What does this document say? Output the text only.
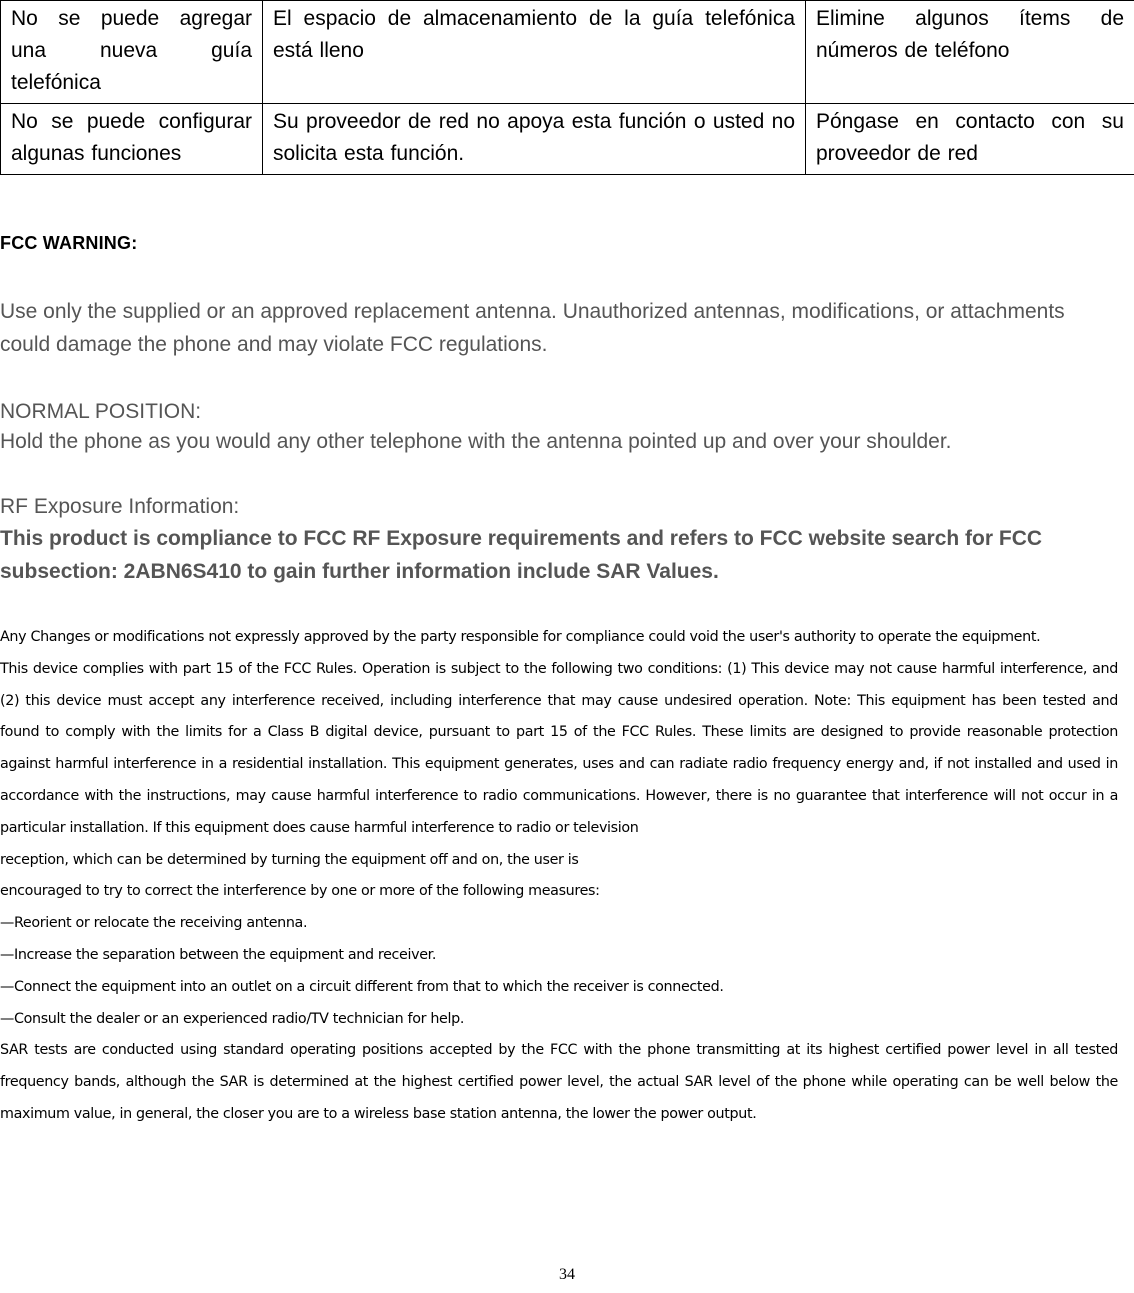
No se puede agregar una nueva guía telefónica	El espacio de almacenamiento de la guía telefónica está lleno	Elimine algunos ítems de números de teléfono
No se puede configurar algunas funciones	Su proveedor de red no apoya esta función o usted no solicita esta función.	Póngase en contacto con su proveedor de red
FCC WARNING:
Use only the supplied or an approved replacement antenna. Unauthorized antennas, modifications, or attachments could damage the phone and may violate FCC regulations.
NORMAL POSITION:
Hold the phone as you would any other telephone with the antenna pointed up and over your shoulder.
RF Exposure Information:
This product is compliance to FCC RF Exposure requirements and refers to FCC website search for FCC subsection: 2ABN6S410 to gain further information include SAR Values.

Any Changes or modifications not expressly approved by the party responsible for compliance could void the user's authority to operate the equipment.

This device complies with part 15 of the FCC Rules. Operation is subject to the following two conditions: (1) This device may not cause harmful interference, and (2) this device must accept any interference received, including interference that may cause undesired operation. Note: This equipment has been tested and found to comply with the limits for a Class B digital device, pursuant to part 15 of the FCC Rules. These limits are designed to provide reasonable protection against harmful interference in a residential installation. This equipment generates, uses and can radiate radio frequency energy and, if not installed and used in accordance with the instructions, may cause harmful interference to radio communications. However, there is no guarantee that interference will not occur in a particular installation. If this equipment does cause harmful interference to radio or television

reception, which can be determined by turning the equipment off and on, the user is

encouraged to try to correct the interference by one or more of the following measures:

—Reorient or relocate the receiving antenna.

—Increase the separation between the equipment and receiver.

—Connect the equipment into an outlet on a circuit different from that to which the receiver is connected.

—Consult the dealer or an experienced radio/TV technician for help.

SAR tests are conducted using standard operating positions accepted by the FCC with the phone transmitting at its highest certified power level in all tested frequency bands, although the SAR is determined at the highest certified power level, the actual SAR level of the phone while operating can be well below the maximum value, in general, the closer you are to a wireless base station antenna, the lower the power output.

34
